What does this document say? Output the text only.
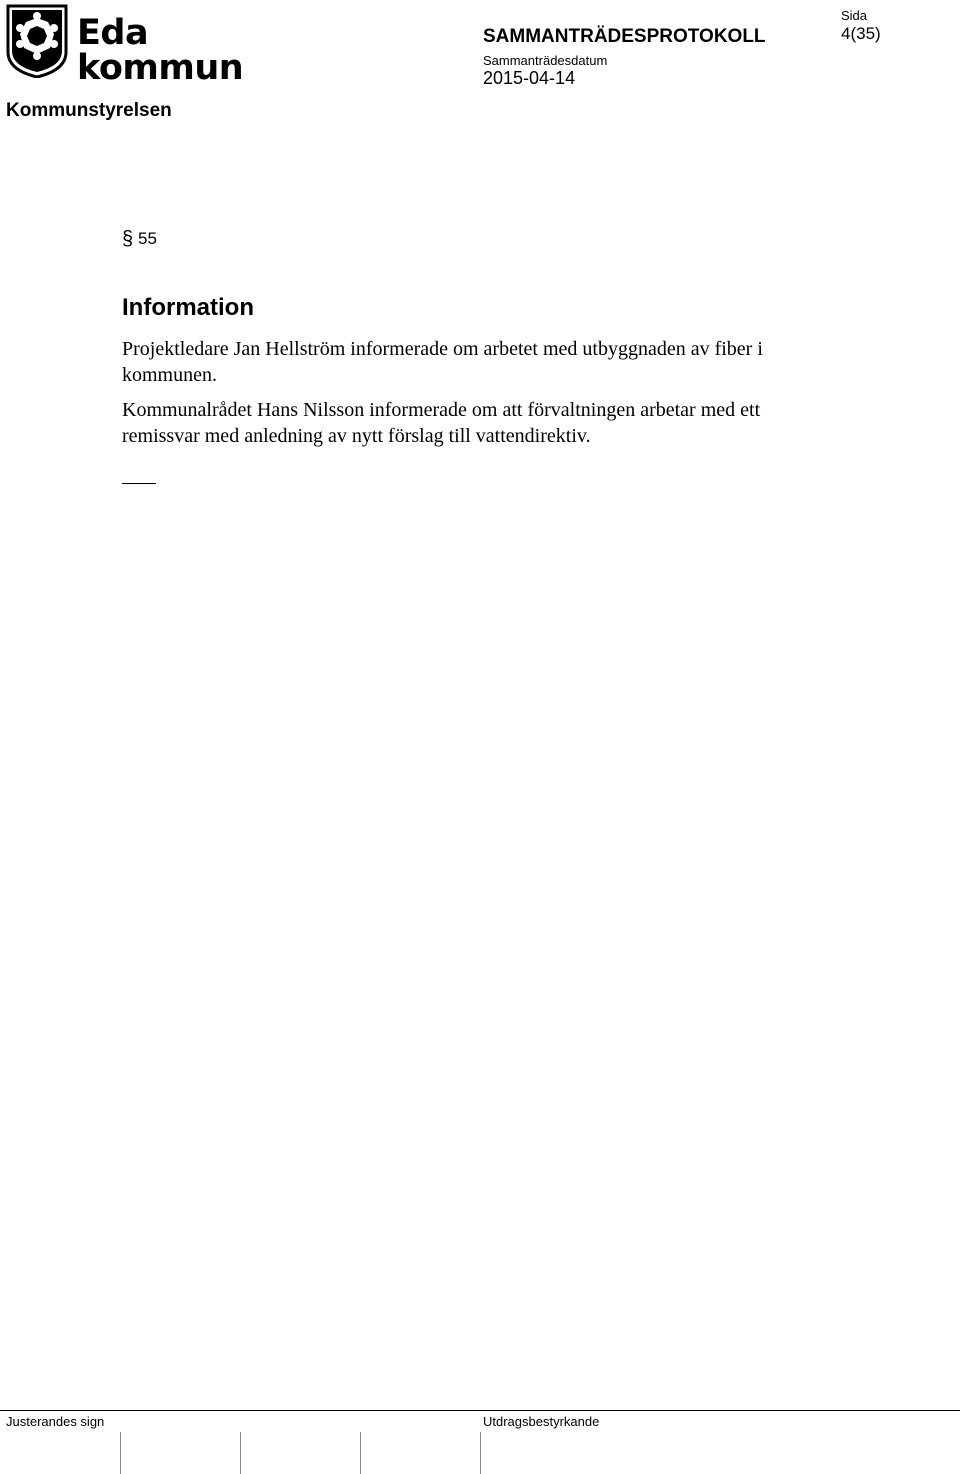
Eda kommun
Kommunstyrelsen
SAMMANTRÄDESPROTOKOLL
Sammanträdesdatum
2015-04-14
Sida
4(35)
§ 55
Information
Projektledare Jan Hellström informerade om arbetet med utbyggnaden av fiber i kommunen.
Kommunalrådet Hans Nilsson informerade om att förvaltningen arbetar med ett remissvar med anledning av nytt förslag till vattendirektiv.
Justerandes sign	Utdragsbestyrkande
